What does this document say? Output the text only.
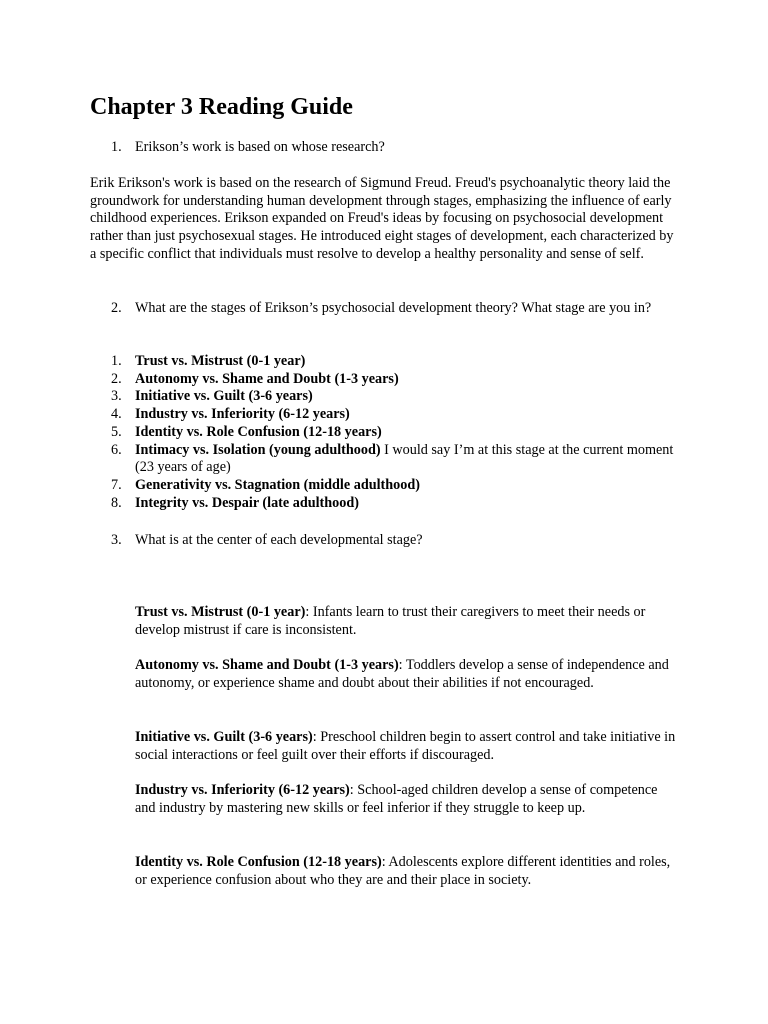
Chapter 3 Reading Guide
1. Erikson’s work is based on whose research?

Erik Erikson's work is based on the research of Sigmund Freud. Freud's psychoanalytic theory laid the groundwork for understanding human development through stages, emphasizing the influence of early childhood experiences. Erikson expanded on Freud's ideas by focusing on psychosocial development rather than just psychosexual stages. He introduced eight stages of development, each characterized by a specific conflict that individuals must resolve to develop a healthy personality and sense of self.

2. What are the stages of Erikson’s psychosocial development theory? What stage are you in?
1. Trust vs. Mistrust (0-1 year)
2. Autonomy vs. Shame and Doubt (1-3 years)
3. Initiative vs. Guilt (3-6 years)
4. Industry vs. Inferiority (6-12 years)
5. Identity vs. Role Confusion (12-18 years)
6. Intimacy vs. Isolation (young adulthood) I would say I’m at this stage at the current moment (23 years of age)
7. Generativity vs. Stagnation (middle adulthood)
8. Integrity vs. Despair (late adulthood)
3. What is at the center of each developmental stage?

Trust vs. Mistrust (0-1 year): Infants learn to trust their caregivers to meet their needs or develop mistrust if care is inconsistent.

Autonomy vs. Shame and Doubt (1-3 years): Toddlers develop a sense of independence and autonomy, or experience shame and doubt about their abilities if not encouraged.

Initiative vs. Guilt (3-6 years): Preschool children begin to assert control and take initiative in social interactions or feel guilt over their efforts if discouraged.

Industry vs. Inferiority (6-12 years): School-aged children develop a sense of competence and industry by mastering new skills or feel inferior if they struggle to keep up.

Identity vs. Role Confusion (12-18 years): Adolescents explore different identities and roles, or experience confusion about who they are and their place in society.
